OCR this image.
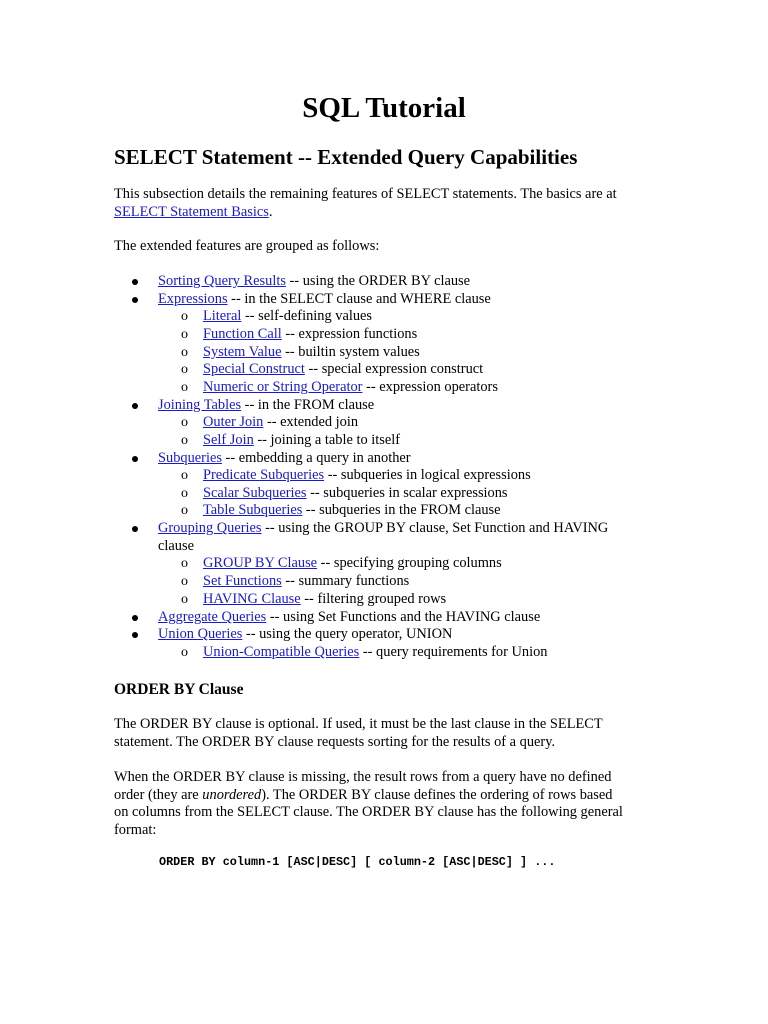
SQL Tutorial
SELECT Statement -- Extended Query Capabilities
This subsection details the remaining features of SELECT statements. The basics are at
SELECT Statement Basics.
The extended features are grouped as follows:
Sorting Query Results -- using the ORDER BY clause
Expressions -- in the SELECT clause and WHERE clause
o Literal -- self-defining values
o Function Call -- expression functions
o System Value -- builtin system values
o Special Construct -- special expression construct
o Numeric or String Operator -- expression operators
Joining Tables -- in the FROM clause
o Outer Join -- extended join
o Self Join -- joining a table to itself
Subqueries -- embedding a query in another
o Predicate Subqueries -- subqueries in logical expressions
o Scalar Subqueries -- subqueries in scalar expressions
o Table Subqueries -- subqueries in the FROM clause
Grouping Queries -- using the GROUP BY clause, Set Function and HAVING
clause
o GROUP BY Clause -- specifying grouping columns
o Set Functions -- summary functions
o HAVING Clause -- filtering grouped rows
Aggregate Queries -- using Set Functions and the HAVING clause
Union Queries -- using the query operator, UNION
o Union-Compatible Queries -- query requirements for Union
ORDER BY Clause
The ORDER BY clause is optional. If used, it must be the last clause in the SELECT
statement. The ORDER BY clause requests sorting for the results of a query.
When the ORDER BY clause is missing, the result rows from a query have no defined
order (they are unordered). The ORDER BY clause defines the ordering of rows based
on columns from the SELECT clause. The ORDER BY clause has the following general
format:
ORDER BY column-1 [ASC|DESC] [ column-2 [ASC|DESC] ] ...
